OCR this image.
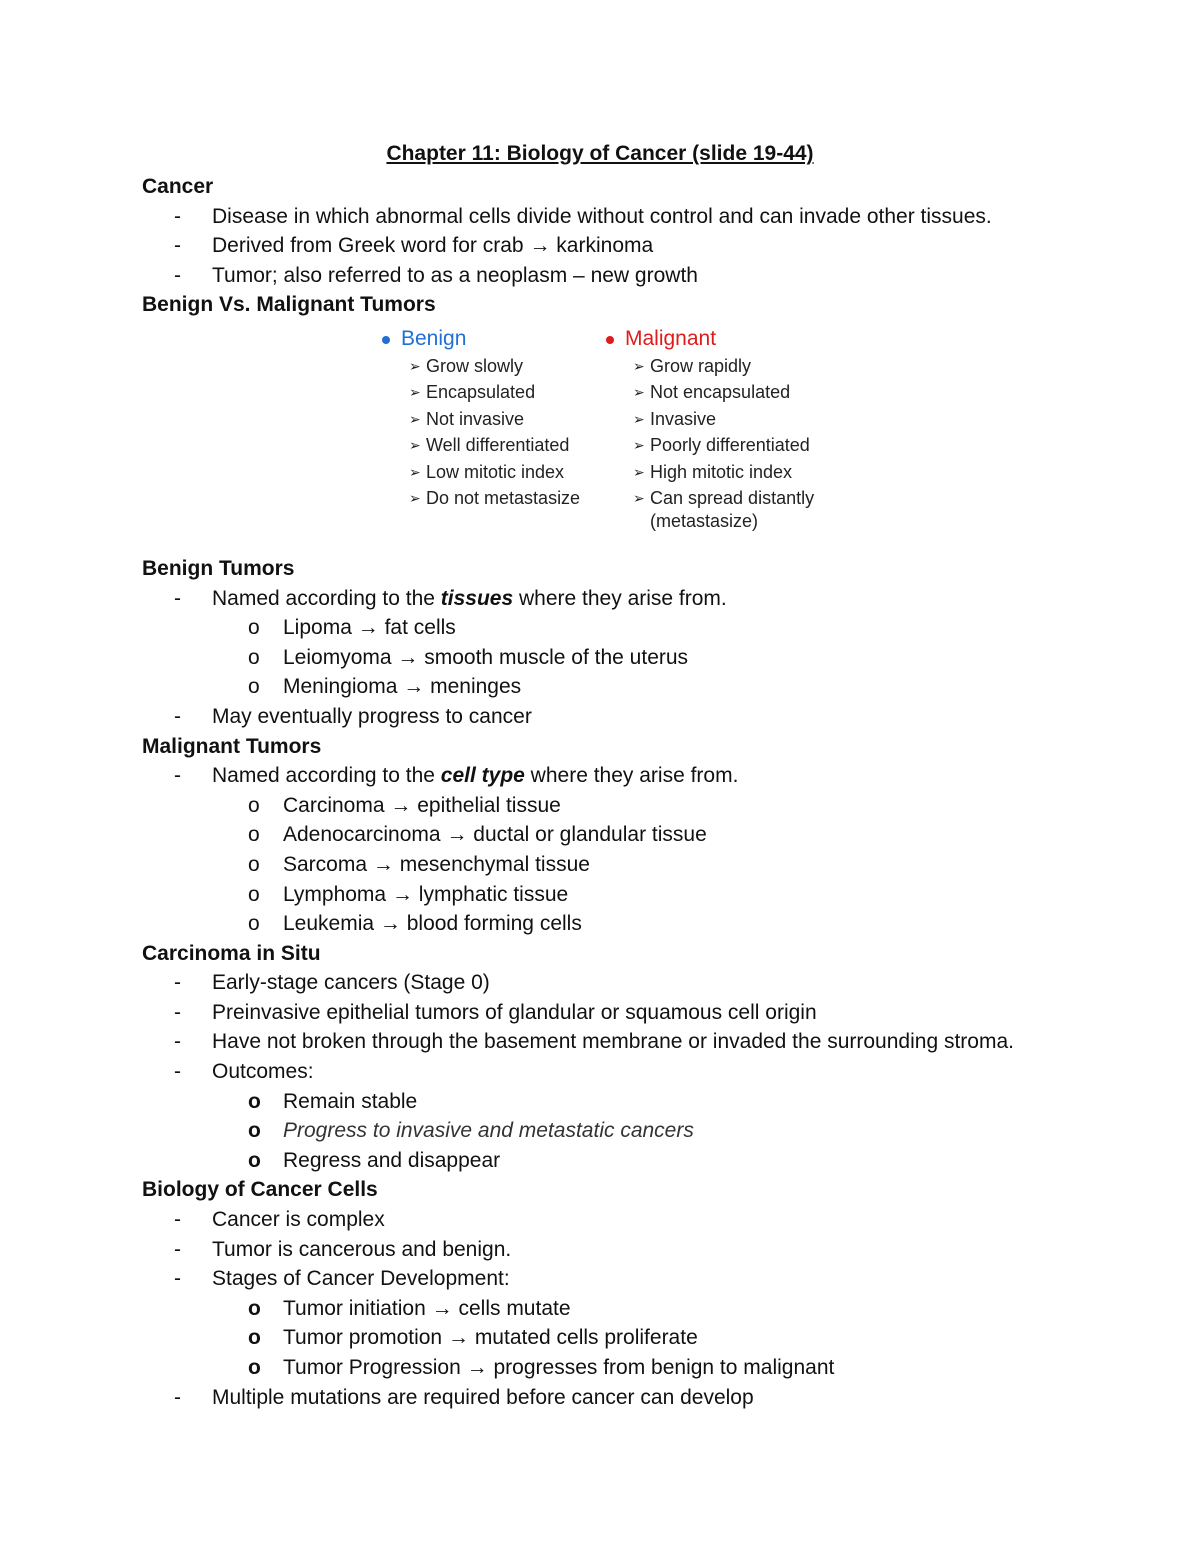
Chapter 11: Biology of Cancer (slide 19-44)
Cancer
- Disease in which abnormal cells divide without control and can invade other tissues.
- Derived from Greek word for crab → karkinoma
- Tumor; also referred to as a neoplasm – new growth
Benign Vs. Malignant Tumors
Benign
➢ Grow slowly
➢ Encapsulated
➢ Not invasive
➢ Well differentiated
➢ Low mitotic index
➢ Do not metastasize
Malignant
➢ Grow rapidly
➢ Not encapsulated
➢ Invasive
➢ Poorly differentiated
➢ High mitotic index
➢ Can spread distantly
(metastasize)
Benign Tumors
- Named according to the tissues where they arise from.
o Lipoma → fat cells
o Leiomyoma → smooth muscle of the uterus
o Meningioma → meninges
- May eventually progress to cancer
Malignant Tumors
- Named according to the cell type where they arise from.
o Carcinoma → epithelial tissue
o Adenocarcinoma → ductal or glandular tissue
o Sarcoma → mesenchymal tissue
o Lymphoma → lymphatic tissue
o Leukemia → blood forming cells
Carcinoma in Situ
- Early-stage cancers (Stage 0)
- Preinvasive epithelial tumors of glandular or squamous cell origin
- Have not broken through the basement membrane or invaded the surrounding stroma.
- Outcomes:
o Remain stable
o Progress to invasive and metastatic cancers
o Regress and disappear
Biology of Cancer Cells
- Cancer is complex
- Tumor is cancerous and benign.
- Stages of Cancer Development:
o Tumor initiation → cells mutate
o Tumor promotion → mutated cells proliferate
o Tumor Progression → progresses from benign to malignant
- Multiple mutations are required before cancer can develop
